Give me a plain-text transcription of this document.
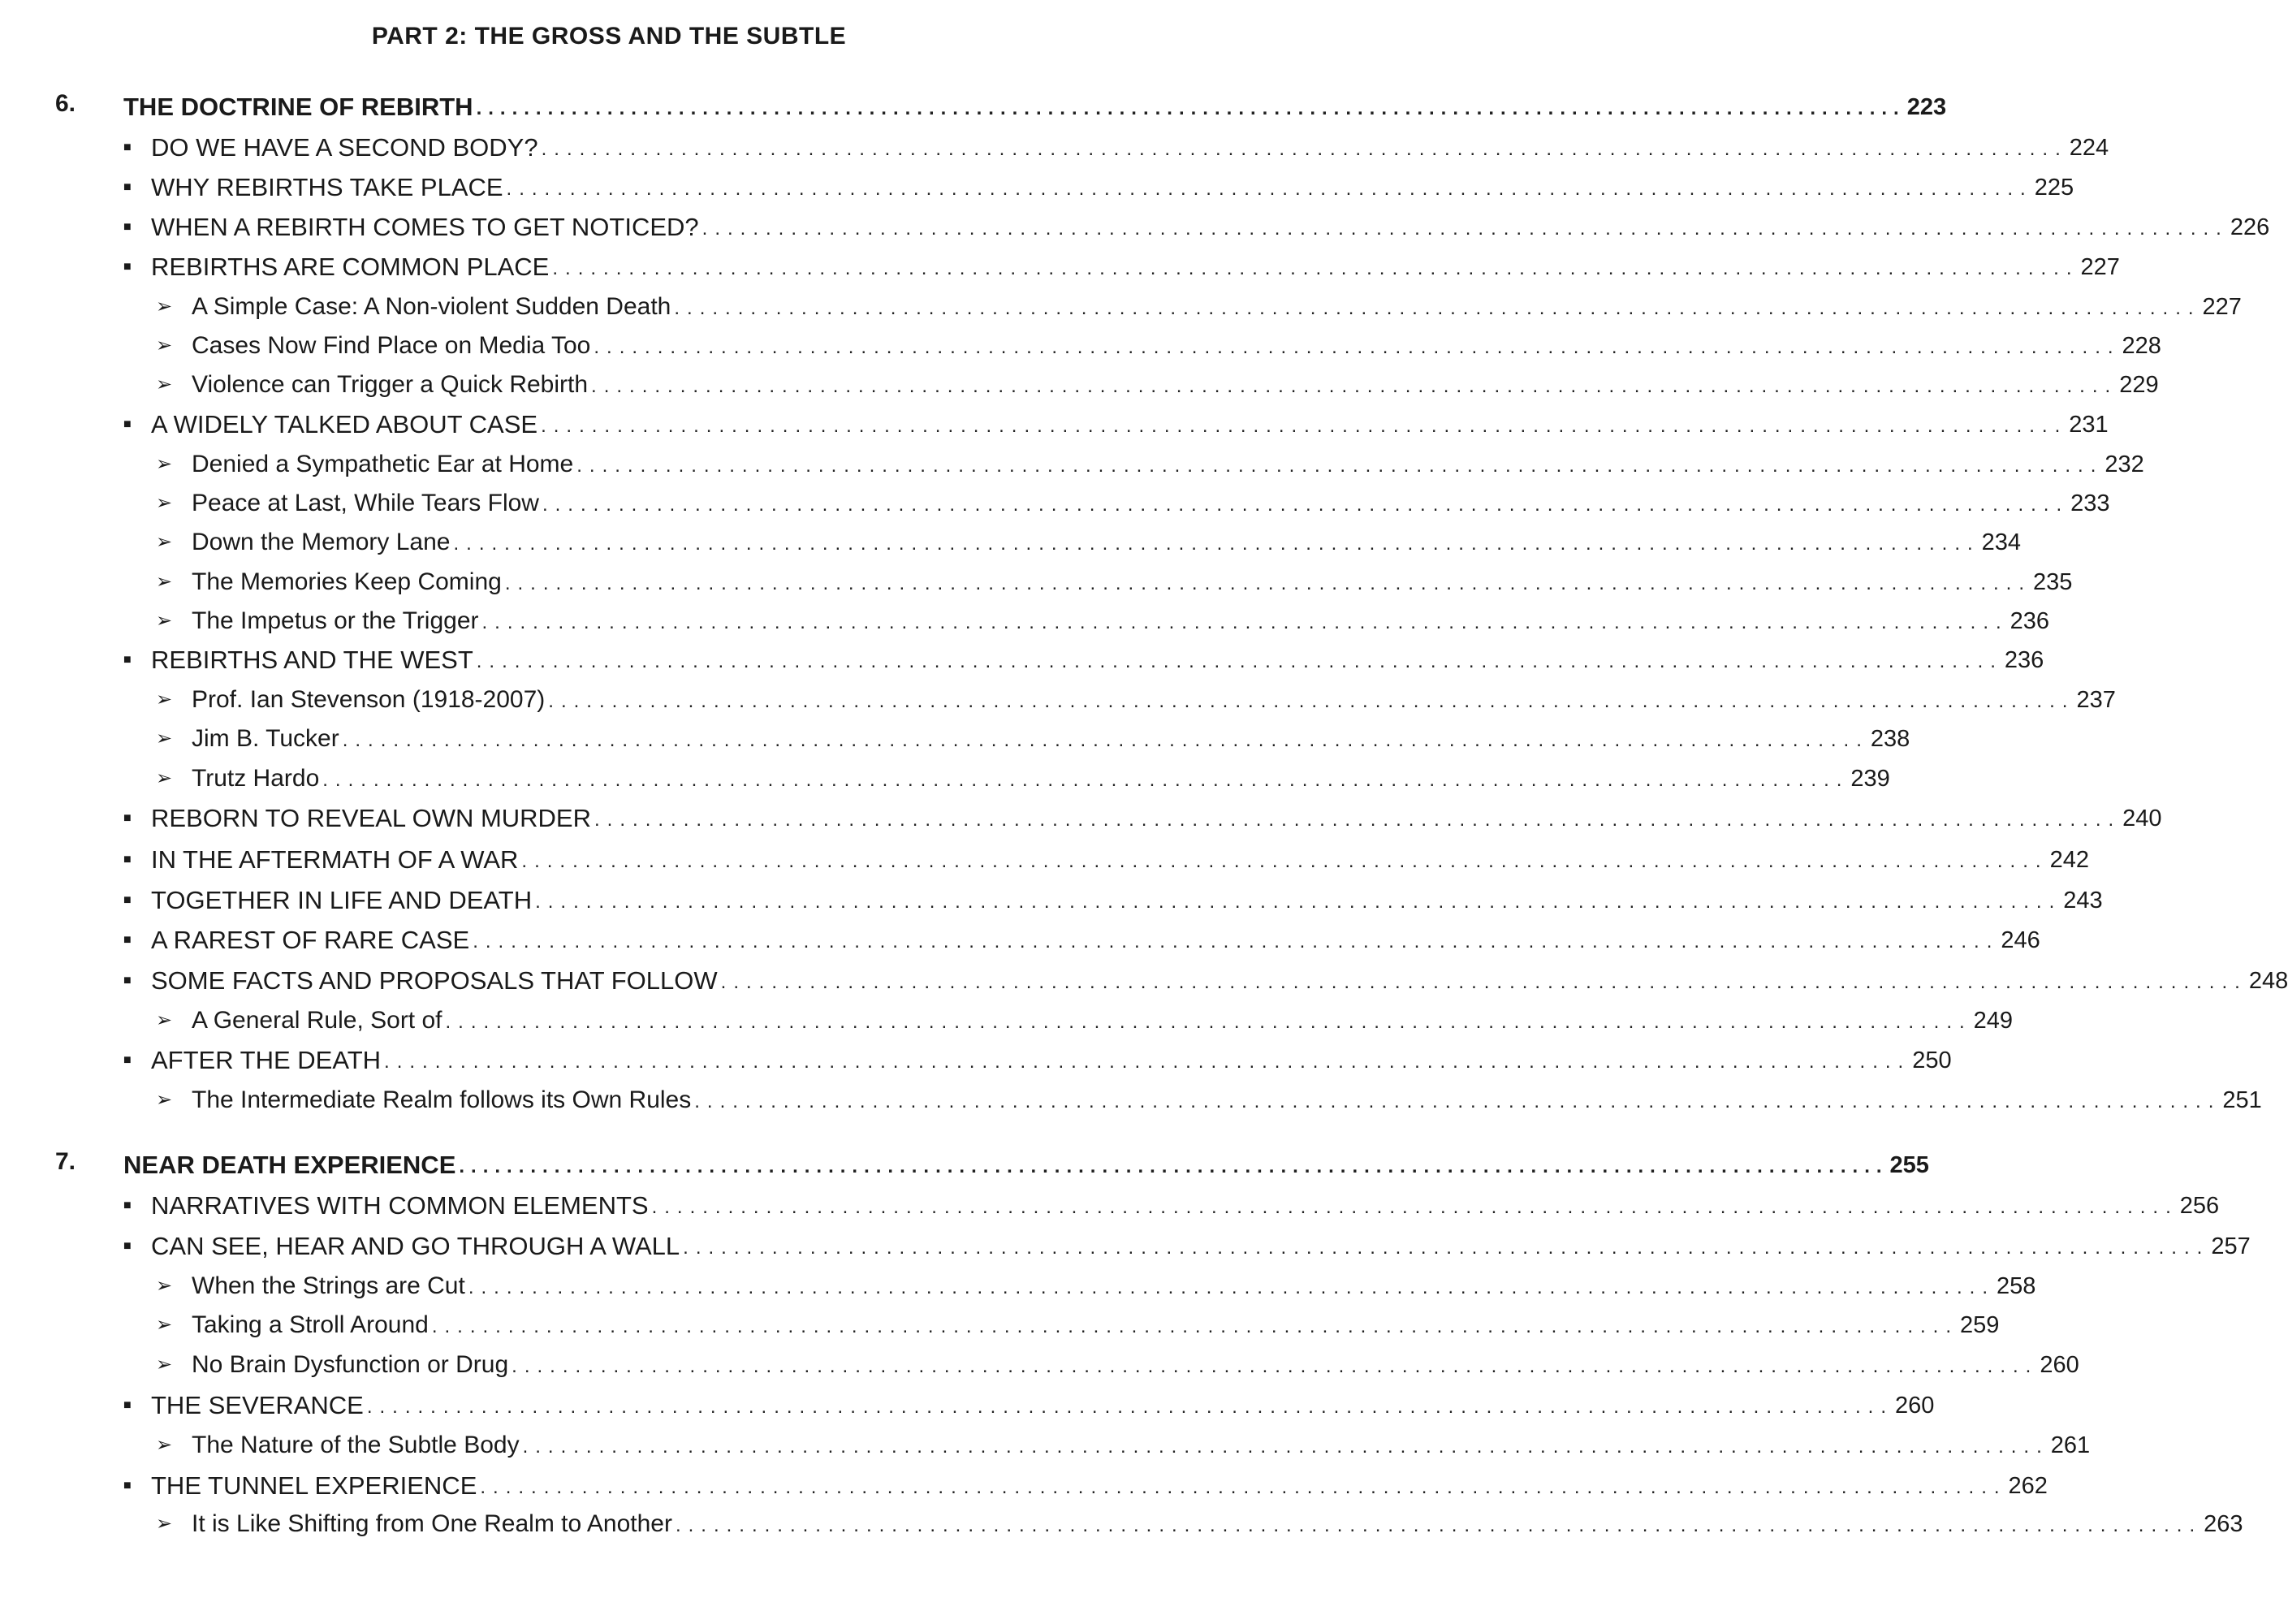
PART 2: THE GROSS AND THE SUBTLE
6. THE DOCTRINE OF REBIRTH ........................................................................................................................ 223
■ DO WE HAVE A SECOND BODY? ........................................................................................................................ 224
■ WHY REBIRTHS TAKE PLACE ........................................................................................................................ 225
■ WHEN A REBIRTH COMES TO GET NOTICED? ........................................................................................................................ 226
■ REBIRTHS ARE COMMON PLACE ........................................................................................................................ 227
➢ A Simple Case: A Non-violent Sudden Death ........................................................................................................................ 227
➢ Cases Now Find Place on Media Too ........................................................................................................................ 228
➢ Violence can Trigger a Quick Rebirth ........................................................................................................................ 229
■ A WIDELY TALKED ABOUT CASE ........................................................................................................................ 231
➢ Denied a Sympathetic Ear at Home ........................................................................................................................ 232
➢ Peace at Last, While Tears Flow ........................................................................................................................ 233
➢ Down the Memory Lane ........................................................................................................................ 234
➢ The Memories Keep Coming ........................................................................................................................ 235
➢ The Impetus or the Trigger ........................................................................................................................ 236
■ REBIRTHS AND THE WEST ........................................................................................................................ 236
➢ Prof. Ian Stevenson (1918-2007) ........................................................................................................................ 237
➢ Jim B. Tucker ........................................................................................................................ 238
➢ Trutz Hardo ........................................................................................................................ 239
■ REBORN TO REVEAL OWN MURDER ........................................................................................................................ 240
■ IN THE AFTERMATH OF A WAR ........................................................................................................................ 242
■ TOGETHER IN LIFE AND DEATH ........................................................................................................................ 243
■ A RAREST OF RARE CASE ........................................................................................................................ 246
■ SOME FACTS AND PROPOSALS THAT FOLLOW ........................................................................................................................ 248
➢ A General Rule, Sort of ........................................................................................................................ 249
■ AFTER THE DEATH ........................................................................................................................ 250
➢ The Intermediate Realm follows its Own Rules ........................................................................................................................ 251
7. NEAR DEATH EXPERIENCE ........................................................................................................................ 255
■ NARRATIVES WITH COMMON ELEMENTS ........................................................................................................................ 256
■ CAN SEE, HEAR AND GO THROUGH A WALL ........................................................................................................................ 257
➢ When the Strings are Cut ........................................................................................................................ 258
➢ Taking a Stroll Around ........................................................................................................................ 259
➢ No Brain Dysfunction or Drug ........................................................................................................................ 260
■ THE SEVERANCE ........................................................................................................................ 260
➢ The Nature of the Subtle Body ........................................................................................................................ 261
■ THE TUNNEL EXPERIENCE ........................................................................................................................ 262
➢ It is Like Shifting from One Realm to Another ........................................................................................................................ 263
